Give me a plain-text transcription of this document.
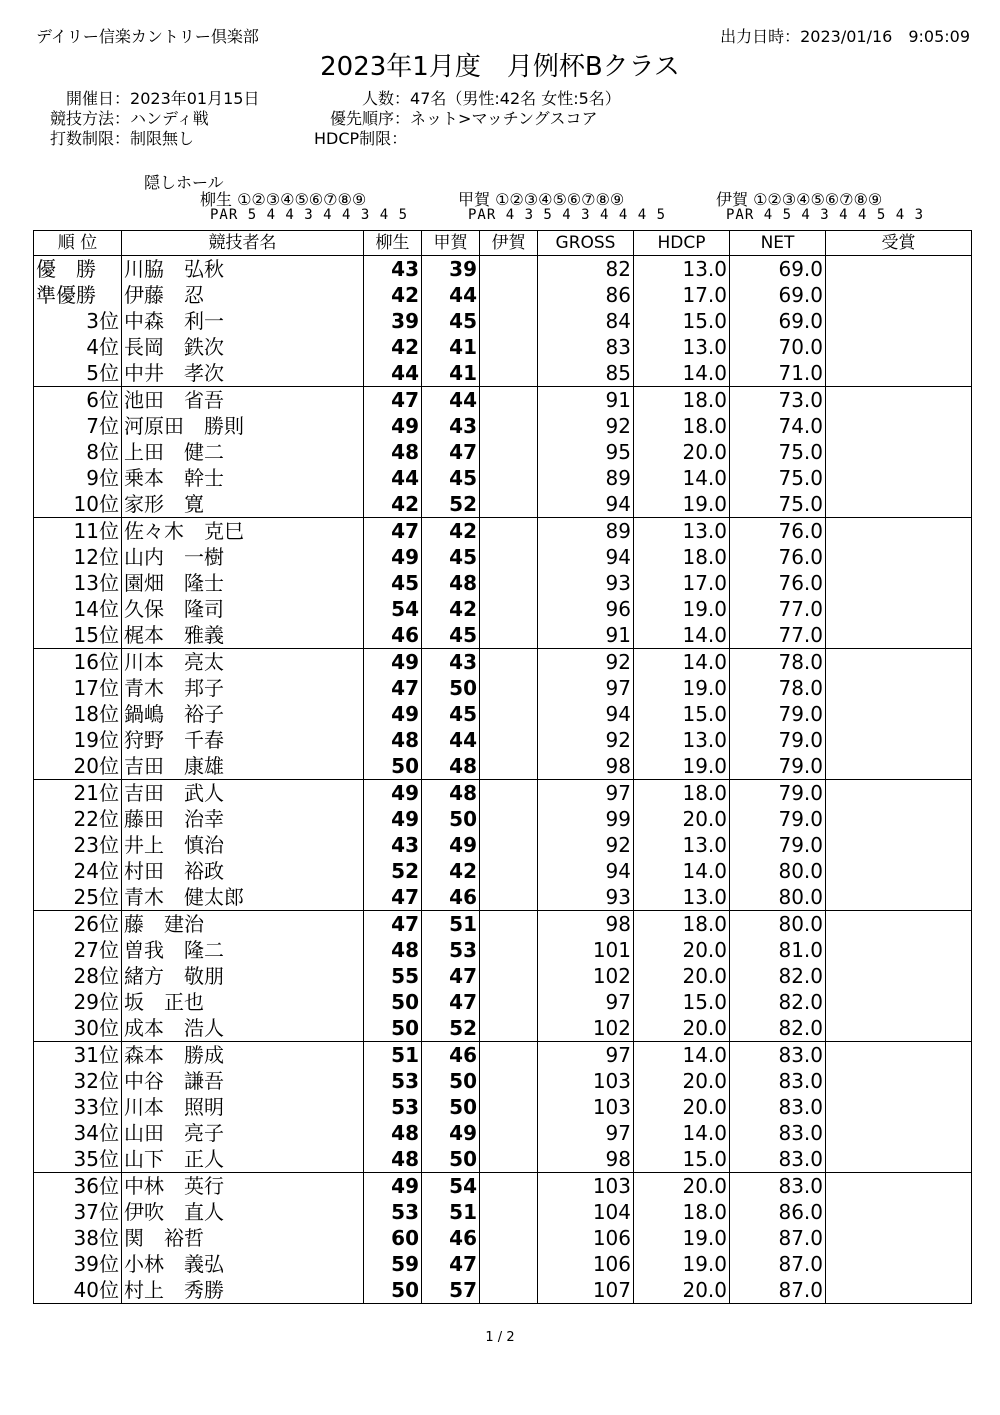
デイリー信楽カントリー倶楽部	出力日時：2023/01/16　9:05:09
2023年1月度　月例杯Bクラス
開催日：2023年01月15日
競技方法：ハンディ戦
打数制限：制限無し
人数：47名（男性:42名 女性:5名）
優先順序：ネット>マッチングスコア
HDCP制限：
隠しホール
柳生 ①②③④⑤⑥⑦⑧⑨
PAR 5 4 4 3 4 4 3 4 5
甲賀 ①②③④⑤⑥⑦⑧⑨
PAR 4 3 5 4 3 4 4 4 5
伊賀 ①②③④⑤⑥⑦⑧⑨
PAR 4 5 4 3 4 4 5 4 3
順 位	競技者名	柳生	甲賀	伊賀	GROSS	HDCP	NET	受賞
優　勝	川脇　弘秋	43	39		82	13.0	69.0	
準優勝	伊藤　忍	42	44		86	17.0	69.0	
3位	中森　利一	39	45		84	15.0	69.0	
4位	長岡　鉄次	42	41		83	13.0	70.0	
5位	中井　孝次	44	41		85	14.0	71.0	
6位	池田　省吾	47	44		91	18.0	73.0	
7位	河原田　勝則	49	43		92	18.0	74.0	
8位	上田　健二	48	47		95	20.0	75.0	
9位	乗本　幹士	44	45		89	14.0	75.0	
10位	家形　寛	42	52		94	19.0	75.0	
11位	佐々木　克巳	47	42		89	13.0	76.0	
12位	山内　一樹	49	45		94	18.0	76.0	
13位	園畑　隆士	45	48		93	17.0	76.0	
14位	久保　隆司	54	42		96	19.0	77.0	
15位	梶本　雅義	46	45		91	14.0	77.0	
16位	川本　亮太	49	43		92	14.0	78.0	
17位	青木　邦子	47	50		97	19.0	78.0	
18位	鍋嶋　裕子	49	45		94	15.0	79.0	
19位	狩野　千春	48	44		92	13.0	79.0	
20位	吉田　康雄	50	48		98	19.0	79.0	
21位	吉田　武人	49	48		97	18.0	79.0	
22位	藤田　治幸	49	50		99	20.0	79.0	
23位	井上　慎治	43	49		92	13.0	79.0	
24位	村田　裕政	52	42		94	14.0	80.0	
25位	青木　健太郎	47	46		93	13.0	80.0	
26位	藤　建治	47	51		98	18.0	80.0	
27位	曽我　隆二	48	53		101	20.0	81.0	
28位	緒方　敬朋	55	47		102	20.0	82.0	
29位	坂　正也	50	47		97	15.0	82.0	
30位	成本　浩人	50	52		102	20.0	82.0	
31位	森本　勝成	51	46		97	14.0	83.0	
32位	中谷　謙吾	53	50		103	20.0	83.0	
33位	川本　照明	53	50		103	20.0	83.0	
34位	山田　亮子	48	49		97	14.0	83.0	
35位	山下　正人	48	50		98	15.0	83.0	
36位	中林　英行	49	54		103	20.0	83.0	
37位	伊吹　直人	53	51		104	18.0	86.0	
38位	関　裕哲	60	46		106	19.0	87.0	
39位	小林　義弘	59	47		106	19.0	87.0	
40位	村上　秀勝	50	57		107	20.0	87.0	
1 / 2
